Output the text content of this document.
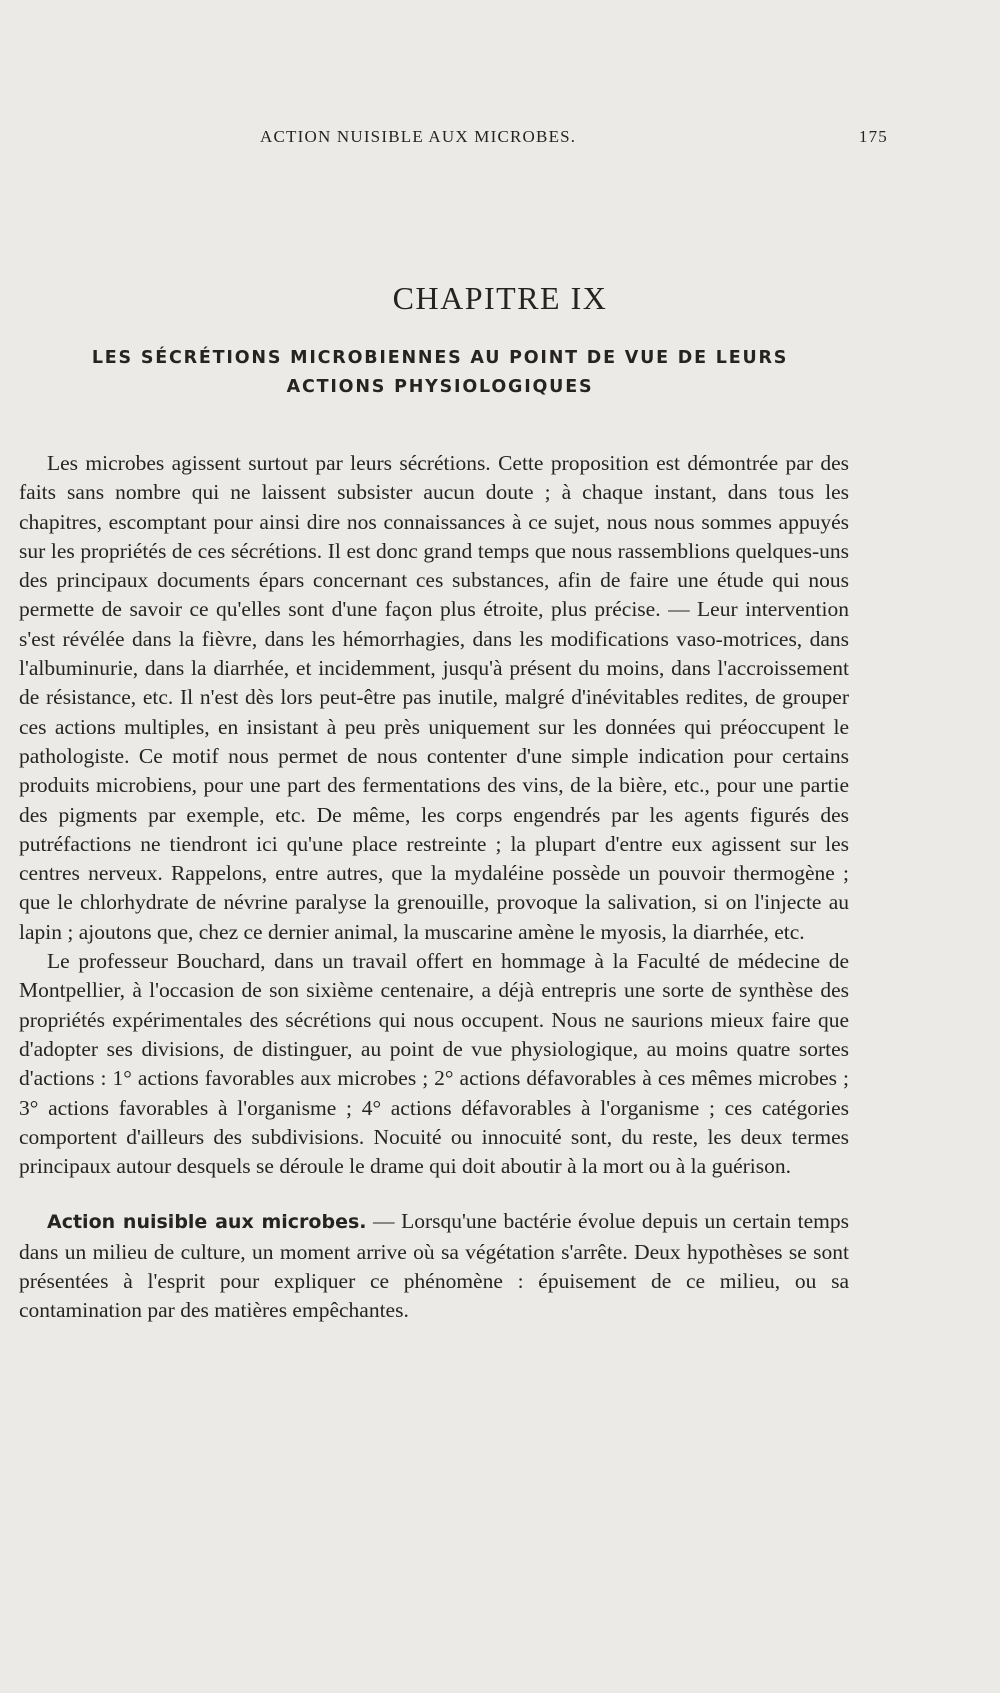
ACTION NUISIBLE AUX MICROBES.	175
CHAPITRE IX
LES SÉCRÉTIONS MICROBIENNES AU POINT DE VUE DE LEURS ACTIONS PHYSIOLOGIQUES

Les microbes agissent surtout par leurs sécrétions. Cette proposition est démontrée par des faits sans nombre qui ne laissent subsister aucun doute ; à chaque instant, dans tous les chapitres, escomptant pour ainsi dire nos connaissances à ce sujet, nous nous sommes appuyés sur les propriétés de ces sécrétions. Il est donc grand temps que nous rassemblions quelques-uns des principaux documents épars concernant ces substances, afin de faire une étude qui nous permette de savoir ce qu'elles sont d'une façon plus étroite, plus précise. — Leur intervention s'est révélée dans la fièvre, dans les hémorrhagies, dans les modifications vaso-motrices, dans l'albuminurie, dans la diarrhée, et incidemment, jusqu'à présent du moins, dans l'accroissement de résistance, etc. Il n'est dès lors peut-être pas inutile, malgré d'inévitables redites, de grouper ces actions multiples, en insistant à peu près uniquement sur les données qui préoccupent le pathologiste. Ce motif nous permet de nous contenter d'une simple indication pour certains produits microbiens, pour une part des fermentations des vins, de la bière, etc., pour une partie des pigments par exemple, etc. De même, les corps engendrés par les agents figurés des putréfactions ne tiendront ici qu'une place restreinte ; la plupart d'entre eux agissent sur les centres nerveux. Rappelons, entre autres, que la mydaléine possède un pouvoir thermogène ; que le chlorhydrate de névrine paralyse la grenouille, provoque la salivation, si on l'injecte au lapin ; ajoutons que, chez ce dernier animal, la muscarine amène le myosis, la diarrhée, etc.

Le professeur Bouchard, dans un travail offert en hommage à la Faculté de médecine de Montpellier, à l'occasion de son sixième centenaire, a déjà entrepris une sorte de synthèse des propriétés expérimentales des sécrétions qui nous occupent. Nous ne saurions mieux faire que d'adopter ses divisions, de distinguer, au point de vue physiologique, au moins quatre sortes d'actions : 1° actions favorables aux microbes ; 2° actions défavorables à ces mêmes microbes ; 3° actions favorables à l'organisme ; 4° actions défavorables à l'organisme ; ces catégories comportent d'ailleurs des subdivisions. Nocuité ou innocuité sont, du reste, les deux termes principaux autour desquels se déroule le drame qui doit aboutir à la mort ou à la guérison.

Action nuisible aux microbes. — Lorsqu'une bactérie évolue depuis un certain temps dans un milieu de culture, un moment arrive où sa végétation s'arrête. Deux hypothèses se sont présentées à l'esprit pour expliquer ce phénomène : épuisement de ce milieu, ou sa contamination par des matières empêchantes.
